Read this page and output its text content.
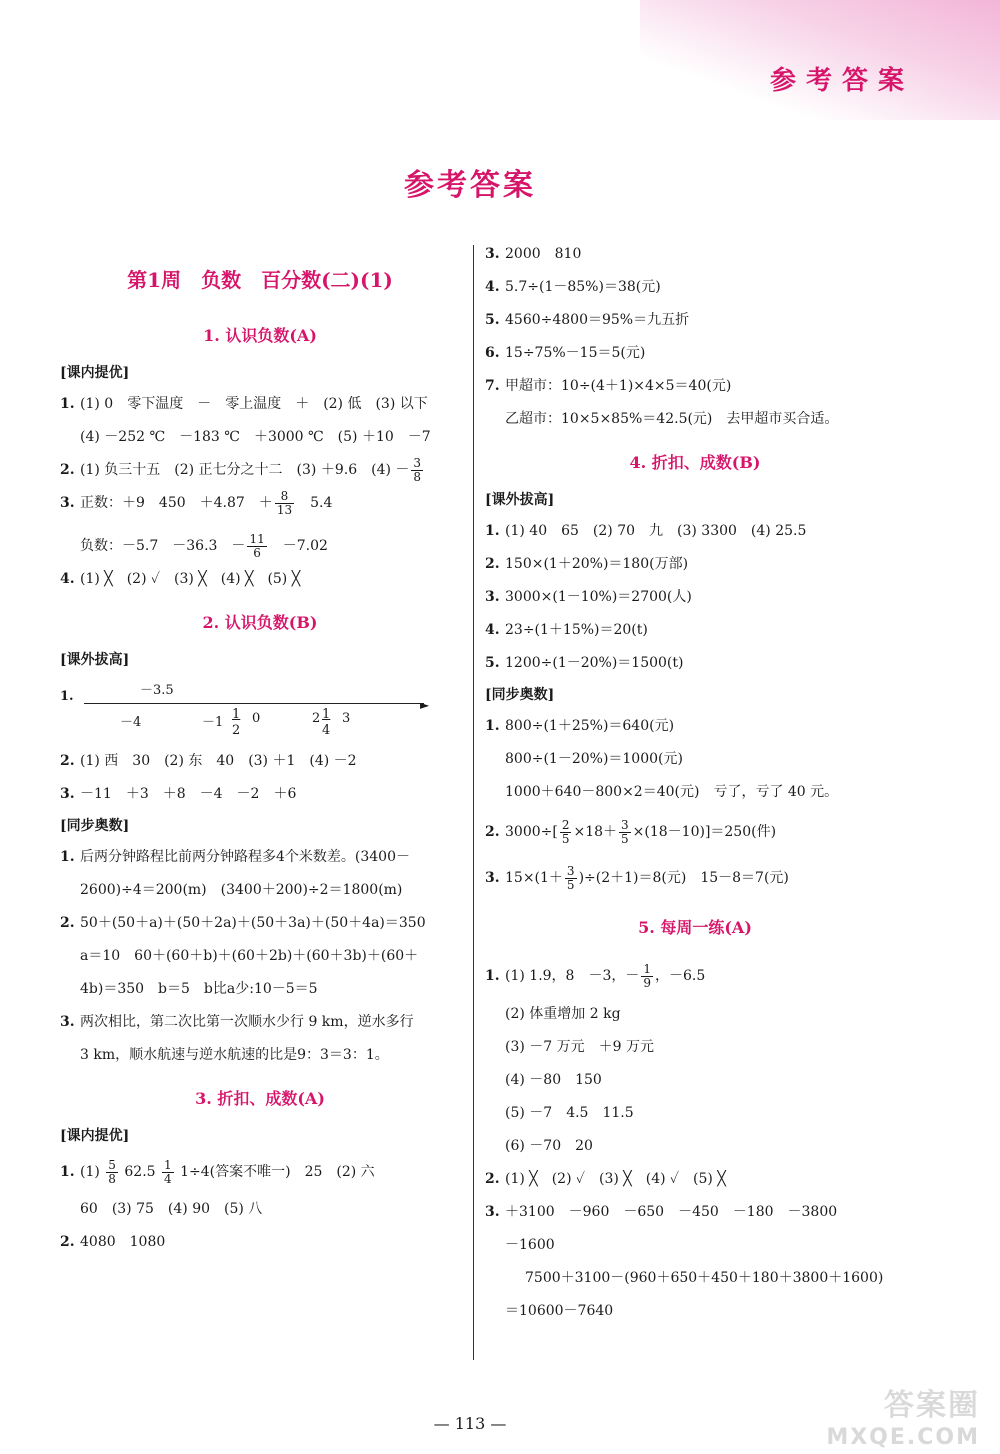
参考答案
参考答案
第1周　负数　百分数(二)(1)
1. 认识负数(A)
[课内提优]
1. (1) 0　零下温度　－　零上温度　＋　(2) 低　(3) 以下
(4) －252 ℃　－183 ℃　＋3000 ℃　(5) ＋10　－7
2. (1) 负三十五　(2) 正七分之十二　(3) ＋9.6　$(4) - \frac{3}{8}$
3. 正数：＋9　450　＋4.87　＋ $\frac{8}{13}$ 　5.4
负数：－5.7　－36.3　－ $\frac{11}{6}$ 　－7.02
4. (1) ╳　(2) ✓　(3) ╳　(4) ╳　(5) ╳
2. 认识负数(B)
[课外拔高]
1.	－3.5
►
－4	－1
1
2
0	2 1
4
3
2. (1) 西　30　(2) 东　40　(3) ＋1　(4) －2
3. －11　＋3　＋8　－4　－2　＋6
[同步奥数]
1. 后两分钟路程比前两分钟路程多4个米数差。(3400－
2600)÷4＝200(m)　(3400＋200)÷2＝1800(m)
2. 50＋(50＋a)＋(50＋2a)＋(50＋3a)＋(50＋4a)＝350
a＝10　60＋(60＋b)＋(60＋2b)＋(60＋3b)＋(60＋
4b)＝350　b＝5　b比a少:10－5＝5
3. 两次相比，第二次比第一次顺水少行 9 km，逆水多行
3 km，顺水航速与逆水航速的比是9：3＝3：1。
3. 折扣、成数(A)
[课内提优]
1. $(1) \frac{5}{8} 62.5 \frac{1}{4} 1\div 4$(答案不唯一)　25　(2) 六
60　(3) 75　(4) 90　(5) 八
2. 4080　1080
3. 2000　810
4. 5.7÷(1－85%)＝38(元)
5. 4560÷4800＝95%＝九五折
6. 15÷75%－15＝5(元)
7. 甲超市：10÷(4＋1)×4×5＝40(元)
乙超市：10×5×85%＝42.5(元)　去甲超市买合适。
4. 折扣、成数(B)
[课外拔高]
1. (1) 40　65　(2) 70　九　(3) 3300　(4) 25.5
2. 150×(1＋20%)＝180(万部)
3. 3000×(1－10%)＝2700(人)
4. 23÷(1＋15%)＝20(t)
5. 1200÷(1－20%)＝1500(t)
[同步奥数]
1. 800÷(1＋25%)＝640(元)
800÷(1－20%)＝1000(元)
1000＋640－800×2＝40(元)　亏了，亏了 40 元。
2. $3000\div[ \frac{2}{5} \times 18+ \frac{3}{5} \times(18-10)]=250$(件)
3. $15\times(1+ \frac{3}{5} )\div(2+1)=8$(元)　15－8＝7(元)
5. 每周一练(A)
1. (1) 1.9，8　－3，－ $\frac{1}{9}$ ，－6.5
(2) 体重增加 2 kg
(3) －7 万元　＋9 万元
(4) －80　150
(5) －7　4.5　11.5
(6) －70　20
2. (1) ╳　(2) ✓　(3) ╳　(4) ✓　(5) ╳
3. ＋3100　－960　－650　－450　－180　－3800
－1600
7500＋3100－(960＋650＋450＋180＋3800＋1600)
＝10600－7640
— 113 —
答案圈
MXQE.COM
